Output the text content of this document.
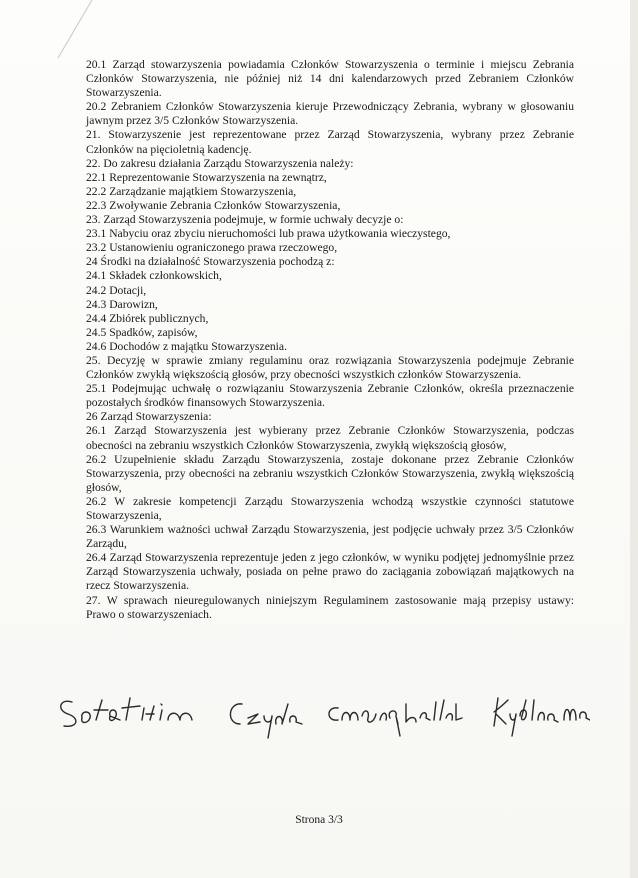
20.1 Zarząd stowarzyszenia powiadamia Członków Stowarzyszenia o terminie i miejscu Zebrania Członków Stowarzyszenia, nie później niż 14 dni kalendarzowych przed Zebraniem Członków Stowarzyszenia.

20.2 Zebraniem Członków Stowarzyszenia kieruje Przewodniczący Zebrania, wybrany w głosowaniu jawnym przez 3/5 Członków Stowarzyszenia.

21. Stowarzyszenie jest reprezentowane przez Zarząd Stowarzyszenia, wybrany przez Zebranie Członków na pięcioletnią kadencję.

22. Do zakresu działania Zarządu Stowarzyszenia należy:

22.1 Reprezentowanie Stowarzyszenia na zewnątrz,

22.2 Zarządzanie majątkiem Stowarzyszenia,

22.3 Zwoływanie Zebrania Członków Stowarzyszenia,

23. Zarząd Stowarzyszenia podejmuje, w formie uchwały decyzje o:

23.1 Nabyciu oraz zbyciu nieruchomości lub prawa użytkowania wieczystego,

23.2 Ustanowieniu ograniczonego prawa rzeczowego,

24 Środki na działalność Stowarzyszenia pochodzą z:

24.1 Składek członkowskich,

24.2 Dotacji,

24.3 Darowizn,

24.4 Zbiórek publicznych,

24.5 Spadków, zapisów,

24.6 Dochodów z majątku Stowarzyszenia.

25. Decyzję w sprawie zmiany regulaminu oraz rozwiązania Stowarzyszenia podejmuje Zebranie Członków zwykłą większością głosów, przy obecności wszystkich członków Stowarzyszenia.

25.1 Podejmując uchwałę o rozwiązaniu Stowarzyszenia Zebranie Członków, określa przeznaczenie pozostałych środków finansowych Stowarzyszenia.

26 Zarząd Stowarzyszenia:

26.1 Zarząd Stowarzyszenia jest wybierany przez Zebranie Członków Stowarzyszenia, podczas obecności na zebraniu wszystkich Członków Stowarzyszenia, zwykłą większością głosów,

26.2 Uzupełnienie składu Zarządu Stowarzyszenia, zostaje dokonane przez Zebranie Członków Stowarzyszenia, przy obecności na zebraniu wszystkich Członków Stowarzyszenia, zwykłą większością głosów,

26.2 W zakresie kompetencji Zarządu Stowarzyszenia wchodzą wszystkie czynności statutowe Stowarzyszenia,

26.3 Warunkiem ważności uchwał Zarządu Stowarzyszenia, jest podjęcie uchwały przez 3/5 Członków Zarządu,

26.4 Zarząd Stowarzyszenia reprezentuje jeden z jego członków, w wyniku podjętej jednomyślnie przez Zarząd Stowarzyszenia uchwały, posiada on pełne prawo do zaciągania zobowiązań majątkowych na rzecz Stowarzyszenia.

27. W sprawach nieuregulowanych niniejszym Regulaminem zastosowanie mają przepisy ustawy: Prawo o stowarzyszeniach.

Strona 3/3
